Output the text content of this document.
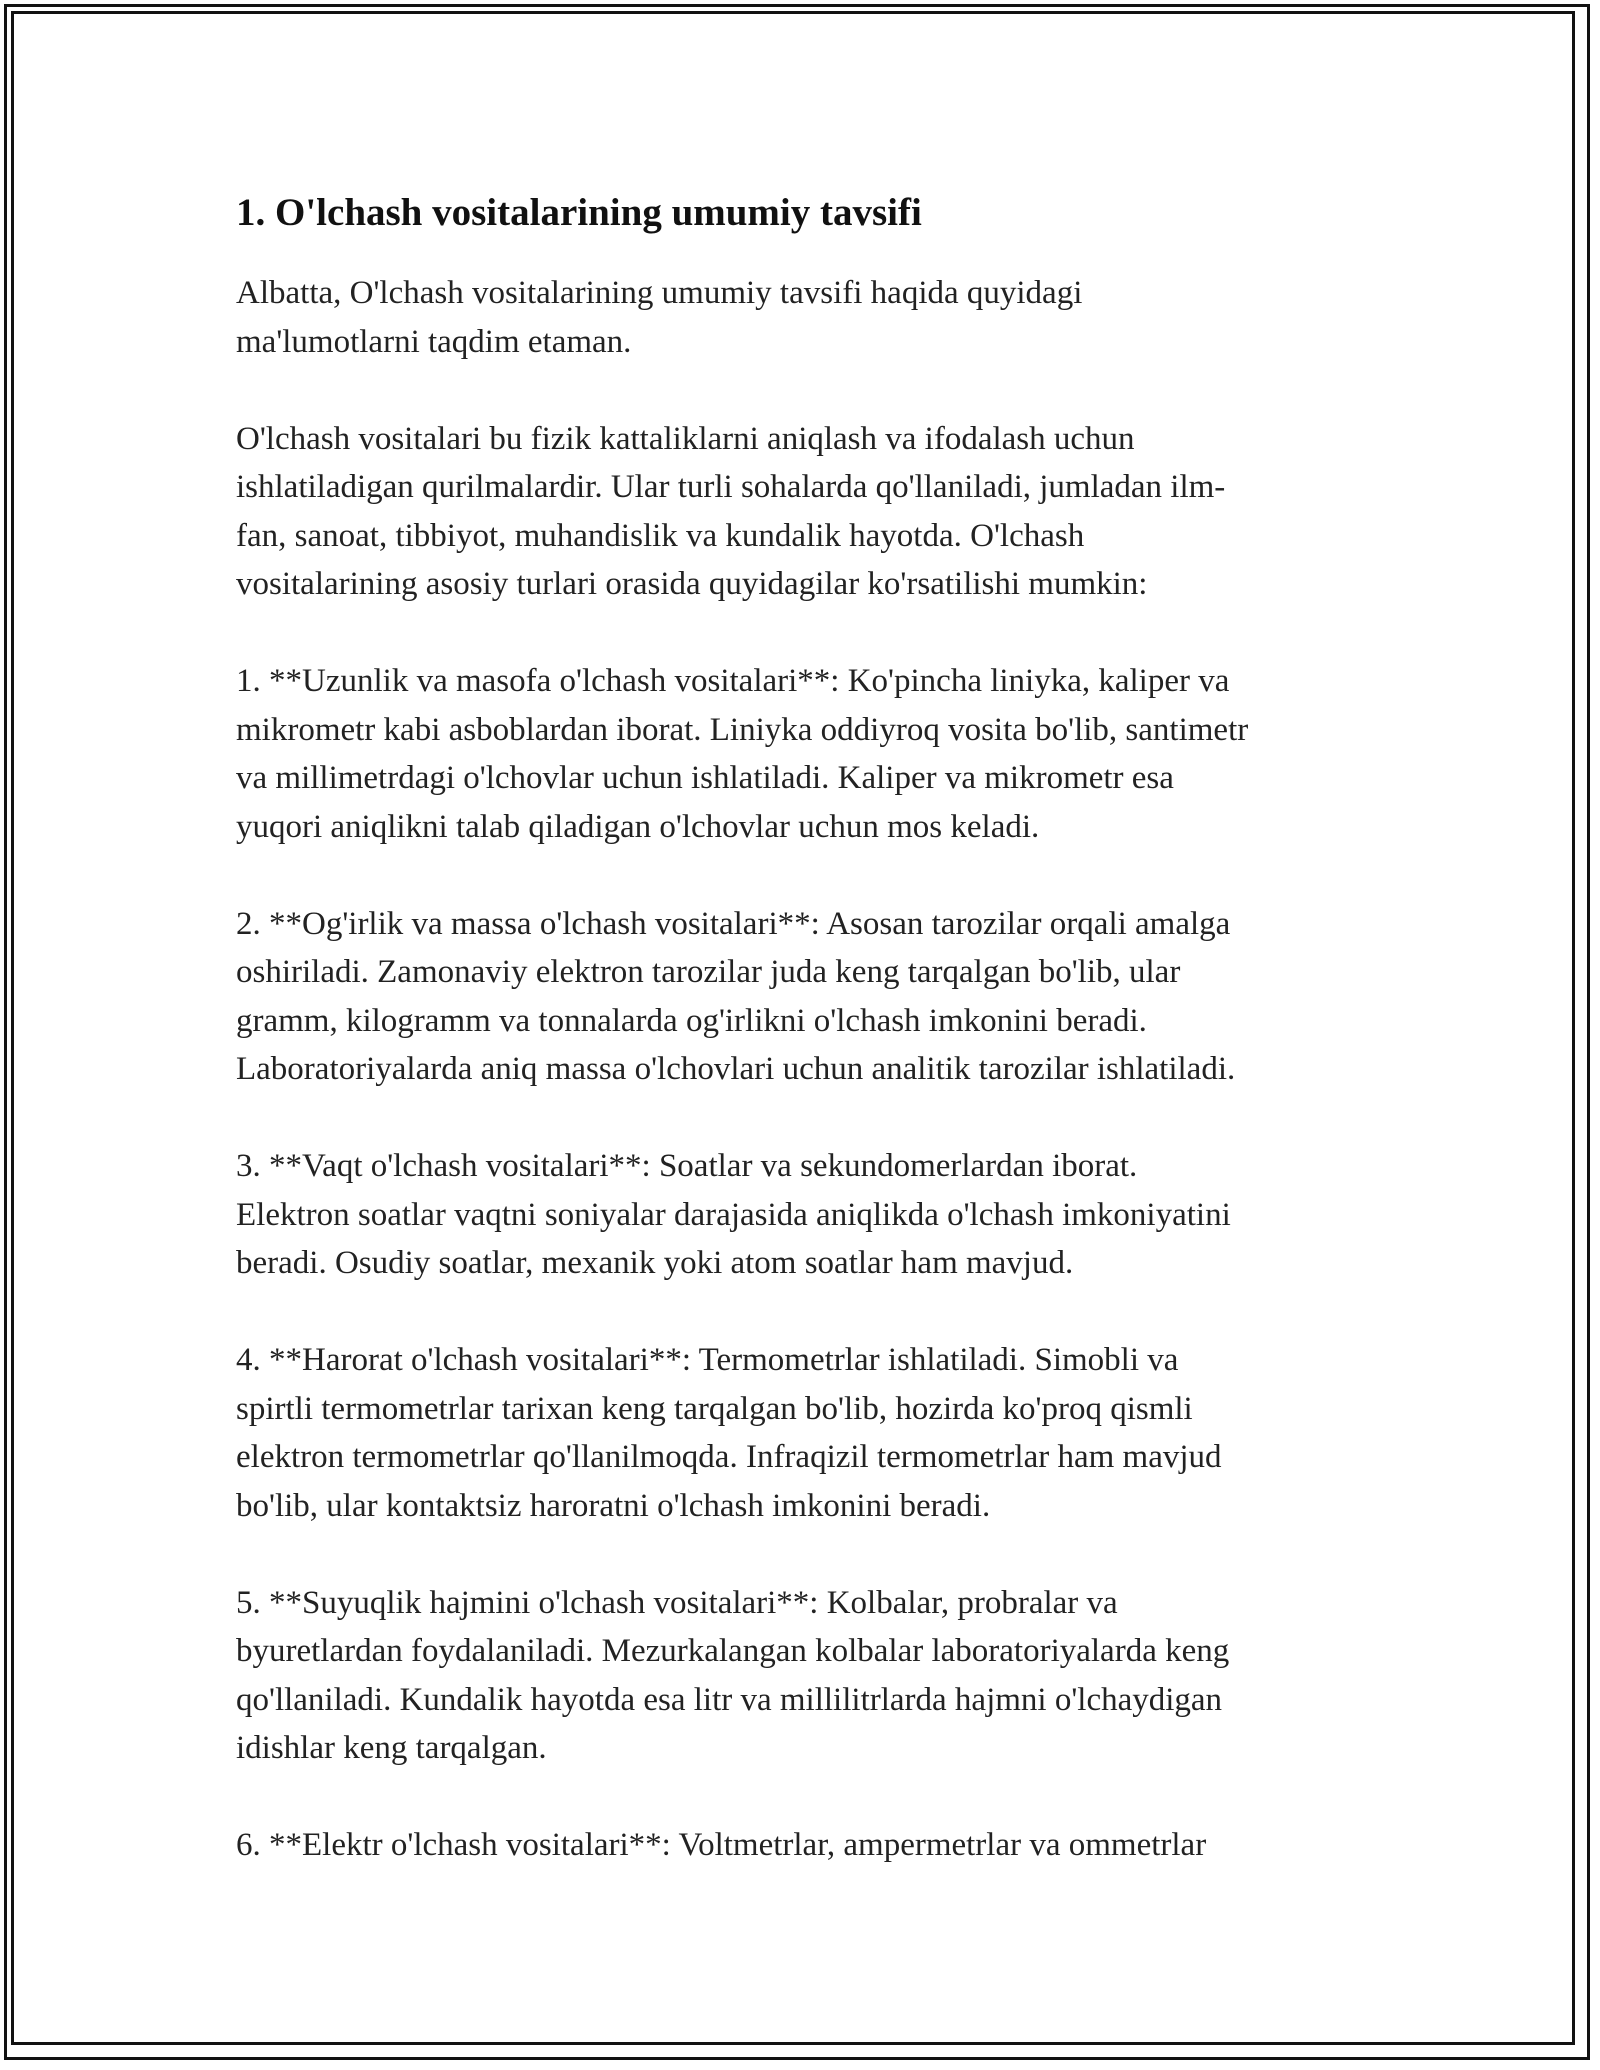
1. O'lchash vositalarining umumiy tavsifi
Albatta, O'lchash vositalarining umumiy tavsifi haqida quyidagi
ma'lumotlarni taqdim etaman.
O'lchash vositalari bu fizik kattaliklarni aniqlash va ifodalash uchun
ishlatiladigan qurilmalardir. Ular turli sohalarda qo'llaniladi, jumladan ilm-
fan, sanoat, tibbiyot, muhandislik va kundalik hayotda. O'lchash
vositalarining asosiy turlari orasida quyidagilar ko'rsatilishi mumkin:
1. **Uzunlik va masofa o'lchash vositalari**: Ko'pincha liniyka, kaliper va
mikrometr kabi asboblardan iborat. Liniyka oddiyroq vosita bo'lib, santimetr
va millimetrdagi o'lchovlar uchun ishlatiladi. Kaliper va mikrometr esa
yuqori aniqlikni talab qiladigan o'lchovlar uchun mos keladi.
2. **Og'irlik va massa o'lchash vositalari**: Asosan tarozilar orqali amalga
oshiriladi. Zamonaviy elektron tarozilar juda keng tarqalgan bo'lib, ular
gramm, kilogramm va tonnalarda og'irlikni o'lchash imkonini beradi.
Laboratoriyalarda aniq massa o'lchovlari uchun analitik tarozilar ishlatiladi.
3. **Vaqt o'lchash vositalari**: Soatlar va sekundomerlardan iborat.
Elektron soatlar vaqtni soniyalar darajasida aniqlikda o'lchash imkoniyatini
beradi. Osudiy soatlar, mexanik yoki atom soatlar ham mavjud.
4. **Harorat o'lchash vositalari**: Termometrlar ishlatiladi. Simobli va
spirtli termometrlar tarixan keng tarqalgan bo'lib, hozirda ko'proq qismli
elektron termometrlar qo'llanilmoqda. Infraqizil termometrlar ham mavjud
bo'lib, ular kontaktsiz haroratni o'lchash imkonini beradi.
5. **Suyuqlik hajmini o'lchash vositalari**: Kolbalar, probralar va
byuretlardan foydalaniladi. Mezurkalangan kolbalar laboratoriyalarda keng
qo'llaniladi. Kundalik hayotda esa litr va millilitrlarda hajmni o'lchaydigan
idishlar keng tarqalgan.
6. **Elektr o'lchash vositalari**: Voltmetrlar, ampermetrlar va ommetrlar
